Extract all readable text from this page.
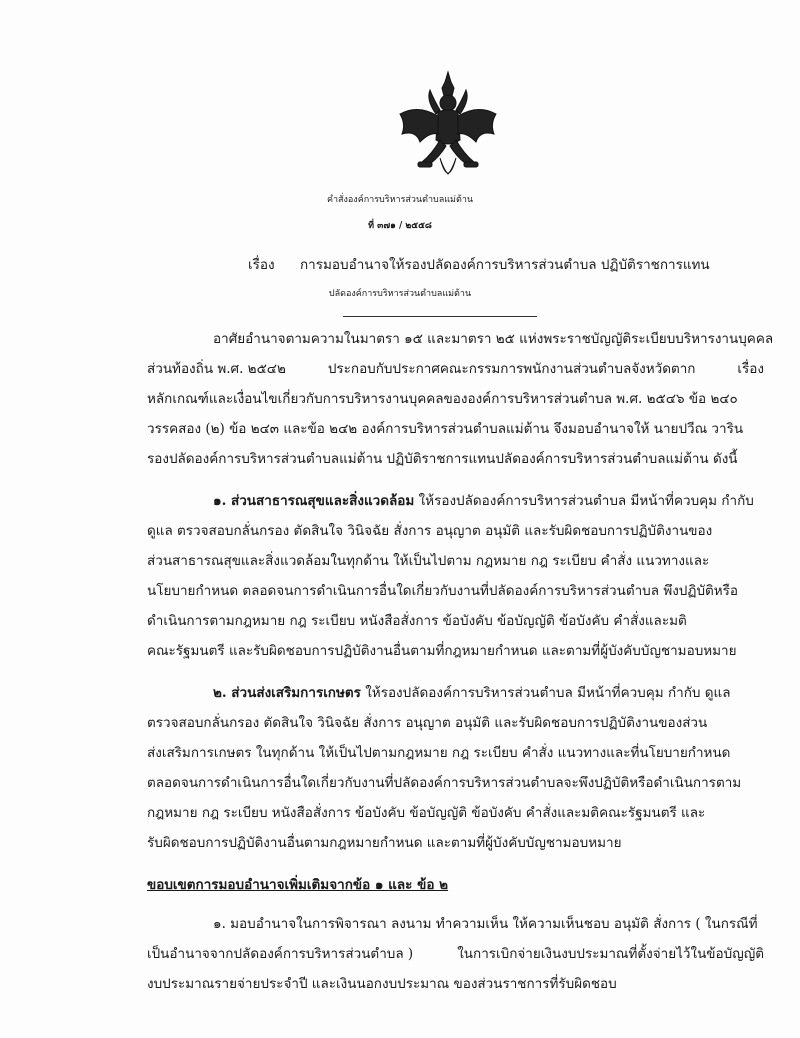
คำสั่งองค์การบริหารส่วนตำบลแม่ต้าน
ที่ ๓๗๑ / ๒๕๕๘
เรื่อง การมอบอำนาจให้รองปลัดองค์การบริหารส่วนตำบล ปฏิบัติราชการแทน
ปลัดองค์การบริหารส่วนตำบลแม่ต้าน
อาศัยอำนาจตามความในมาตรา ๑๕ และมาตรา ๒๕ แห่งพระราชบัญญัติระเบียบบริหารงานบุคคล
ส่วนท้องถิ่น พ.ศ. ๒๕๔๒	ประกอบกับประกาศคณะกรรมการพนักงานส่วนตำบลจังหวัดตาก	เรื่อง
หลักเกณฑ์และเงื่อนไขเกี่ยวกับการบริหารงานบุคคลขององค์การบริหารส่วนตำบล พ.ศ. ๒๕๔๖ ข้อ ๒๔๐
วรรคสอง (๒) ข้อ ๒๔๓ และข้อ ๒๔๒ องค์การบริหารส่วนตำบลแม่ต้าน จึงมอบอำนาจให้ นายปวีณ วาริน
รองปลัดองค์การบริหารส่วนตำบลแม่ต้าน ปฏิบัติราชการแทนปลัดองค์การบริหารส่วนตำบลแม่ต้าน ดังนี้
๑. ส่วนสาธารณสุขและสิ่งแวดล้อม ให้รองปลัดองค์การบริหารส่วนตำบล มีหน้าที่ควบคุม กำกับ
ดูแล ตรวจสอบกลั่นกรอง ตัดสินใจ วินิจฉัย สั่งการ อนุญาต อนุมัติ และรับผิดชอบการปฏิบัติงานของ
ส่วนสาธารณสุขและสิ่งแวดล้อมในทุกด้าน ให้เป็นไปตาม กฎหมาย กฎ ระเบียบ คำสั่ง แนวทางและ
นโยบายกำหนด ตลอดจนการดำเนินการอื่นใดเกี่ยวกับงานที่ปลัดองค์การบริหารส่วนตำบล พึงปฏิบัติหรือ
ดำเนินการตามกฎหมาย กฎ ระเบียบ หนังสือสั่งการ ข้อบังคับ ข้อบัญญัติ ข้อบังคับ คำสั่งและมติ
คณะรัฐมนตรี และรับผิดชอบการปฏิบัติงานอื่นตามที่กฎหมายกำหนด และตามที่ผู้บังคับบัญชามอบหมาย
๒. ส่วนส่งเสริมการเกษตร ให้รองปลัดองค์การบริหารส่วนตำบล มีหน้าที่ควบคุม กำกับ ดูแล
ตรวจสอบกลั่นกรอง ตัดสินใจ วินิจฉัย สั่งการ อนุญาต อนุมัติ และรับผิดชอบการปฏิบัติงานของส่วน
ส่งเสริมการเกษตร ในทุกด้าน ให้เป็นไปตามกฎหมาย กฎ ระเบียบ คำสั่ง แนวทางและที่นโยบายกำหนด
ตลอดจนการดำเนินการอื่นใดเกี่ยวกับงานที่ปลัดองค์การบริหารส่วนตำบลจะพึงปฏิบัติหรือดำเนินการตาม
กฎหมาย กฎ ระเบียบ หนังสือสั่งการ ข้อบังคับ ข้อบัญญัติ ข้อบังคับ คำสั่งและมติคณะรัฐมนตรี และ
รับผิดชอบการปฏิบัติงานอื่นตามกฎหมายกำหนด และตามที่ผู้บังคับบัญชามอบหมาย
ขอบเขตการมอบอำนาจเพิ่มเติมจากข้อ ๑ และ ข้อ ๒
๑. มอบอำนาจในการพิจารณา ลงนาม ทำความเห็น ให้ความเห็นชอบ อนุมัติ สั่งการ ( ในกรณีที่
เป็นอำนาจจากปลัดองค์การบริหารส่วนตำบล )	ในการเบิกจ่ายเงินงบประมาณที่ตั้งจ่ายไว้ในข้อบัญญัติ
งบประมาณรายจ่ายประจำปี และเงินนอกงบประมาณ ของส่วนราชการที่รับผิดชอบ
